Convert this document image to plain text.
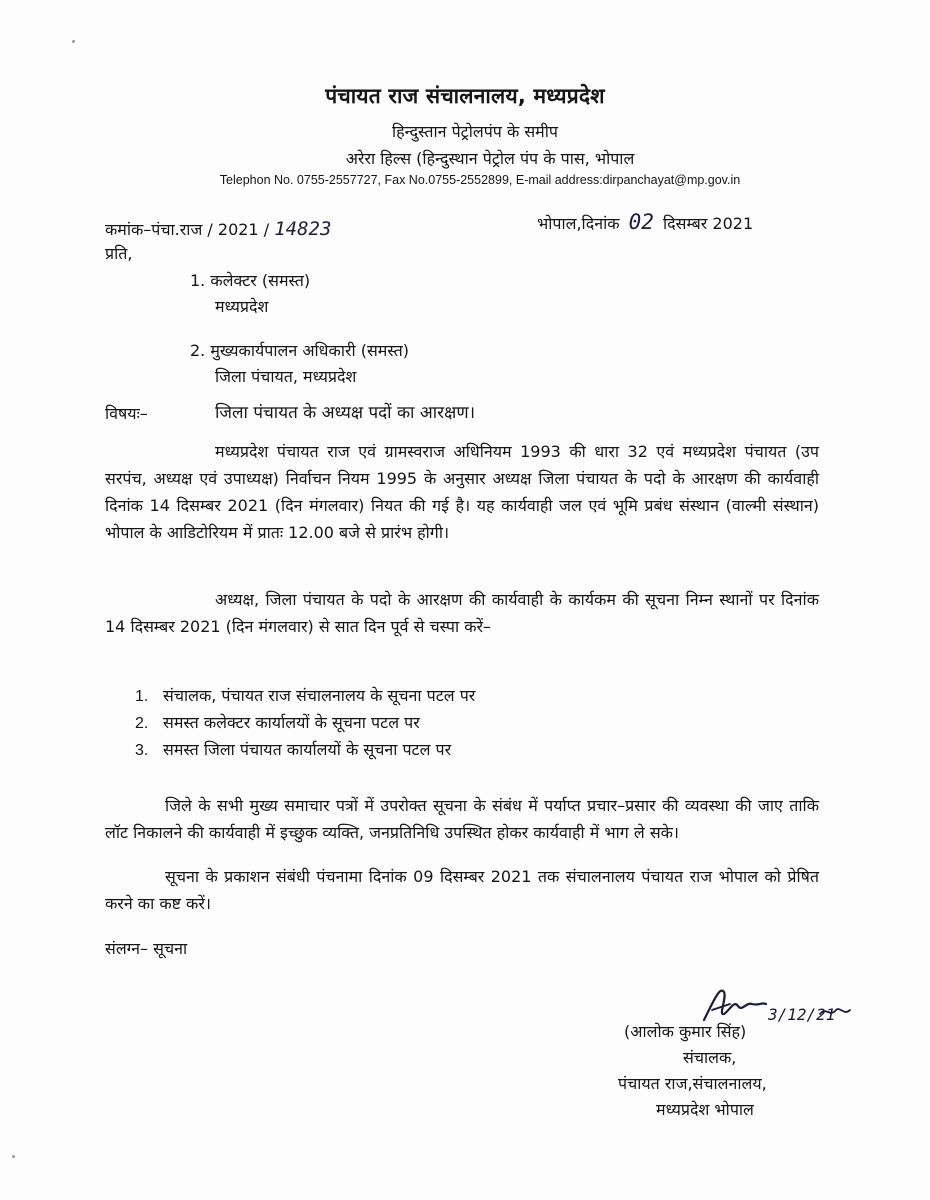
पंचायत राज संचालनालय, मध्यप्रदेश
हिन्दुस्तान पेट्रोलपंप के समीप
अरेरा हिल्स (हिन्दुस्थान पेट्रोल पंप के पास, भोपाल
Telephon No. 0755-2557727, Fax No.0755-2552899, E-mail address:dirpanchayat@mp.gov.in
कमांक–पंचा.राज / 2021 / 14823	भोपाल,दिनांक 02 दिसम्बर 2021
प्रति,
1. कलेक्टर (समस्त)
मध्यप्रदेश
2. मुख्यकार्यपालन अधिकारी (समस्त)
जिला पंचायत, मध्यप्रदेश
विषयः–	जिला पंचायत के अध्यक्ष पदों का आरक्षण।
मध्यप्रदेश पंचायत राज एवं ग्रामस्वराज अधिनियम 1993 की धारा 32 एवं मध्यप्रदेश पंचायत (उप सरपंच, अध्यक्ष एवं उपाध्यक्ष) निर्वाचन नियम 1995 के अनुसार अध्यक्ष जिला पंचायत के पदो के आरक्षण की कार्यवाही दिनांक 14 दिसम्बर 2021 (दिन मंगलवार) नियत की गई है। यह कार्यवाही जल एवं भूमि प्रबंध संस्थान (वाल्मी संस्थान) भोपाल के आडिटोरियम में प्रातः 12.00 बजे से प्रारंभ होगी।
अध्यक्ष, जिला पंचायत के पदो के आरक्षण की कार्यवाही के कार्यकम की सूचना निम्न स्थानों पर दिनांक 14 दिसम्बर 2021 (दिन मंगलवार) से सात दिन पूर्व से चस्पा करें–
1. संचालक, पंचायत राज संचालनालय के सूचना पटल पर
2. समस्त कलेक्टर कार्यालयों के सूचना पटल पर
3. समस्त जिला पंचायत कार्यालयों के सूचना पटल पर
जिले के सभी मुख्य समाचार पत्रों में उपरोक्त सूचना के संबंध में पर्याप्त प्रचार–प्रसार की व्यवस्था की जाए ताकि लॉट निकालने की कार्यवाही में इच्छुक व्यक्ति, जनप्रतिनिधि उपस्थित होकर कार्यवाही में भाग ले सके।
सूचना के प्रकाशन संबंधी पंचनामा दिनांक 09 दिसम्बर 2021 तक संचालनालय पंचायत राज भोपाल को प्रेषित करने का कष्ट करें।
संलग्न– सूचना
3/12/21
(आलोक कुमार सिंह)
संचालक,
पंचायत राज,संचालनालय,
मध्यप्रदेश भोपाल
